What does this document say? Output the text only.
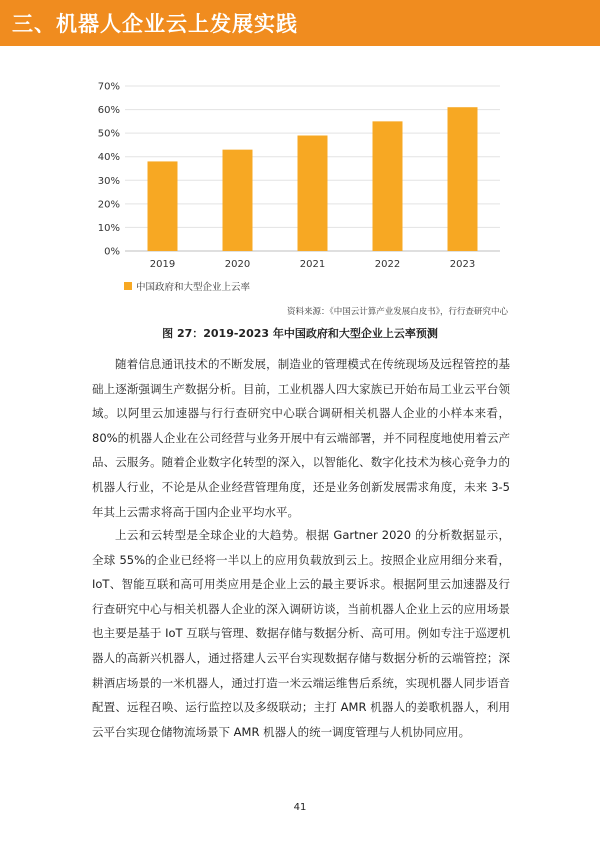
三、机器人企业云上发展实践
0%
10%
20%
30%
40%
50%
60%
70%
2019	2020	2021	2022	2023
中国政府和大型企业上云率
资料来源：《中国云计算产业发展白皮书》，行行查研究中心
图 27：2019-2023 年中国政府和大型企业上云率预测

随着信息通讯技术的不断发展，制造业的管理模式在传统现场及远程管控的基础上逐渐强调生产数据分析。目前，工业机器人四大家族已开始布局工业云平台领域。以阿里云加速器与行行查研究中心联合调研相关机器人企业的小样本来看，80%的机器人企业在公司经营与业务开展中有云端部署，并不同程度地使用着云产品、云服务。随着企业数字化转型的深入，以智能化、数字化技术为核心竞争力的机器人行业，不论是从企业经营管理角度，还是业务创新发展需求角度，未来 3-5 年其上云需求将高于国内企业平均水平。

上云和云转型是全球企业的大趋势。根据 Gartner 2020 的分析数据显示，全球 55%的企业已经将一半以上的应用负载放到云上。按照企业应用细分来看，IoT、智能互联和高可用类应用是企业上云的最主要诉求。根据阿里云加速器及行行查研究中心与相关机器人企业的深入调研访谈，当前机器人企业上云的应用场景也主要是基于 IoT 互联与管理、数据存储与数据分析、高可用。例如专注于巡逻机器人的高新兴机器人，通过搭建人云平台实现数据存储与数据分析的云端管控；深耕酒店场景的一米机器人，通过打造一米云端运维售后系统，实现机器人同步语音配置、远程召唤、运行监控以及多级联动；主打 AMR 机器人的姜歌机器人，利用云平台实现仓储物流场景下 AMR 机器人的统一调度管理与人机协同应用。

41
